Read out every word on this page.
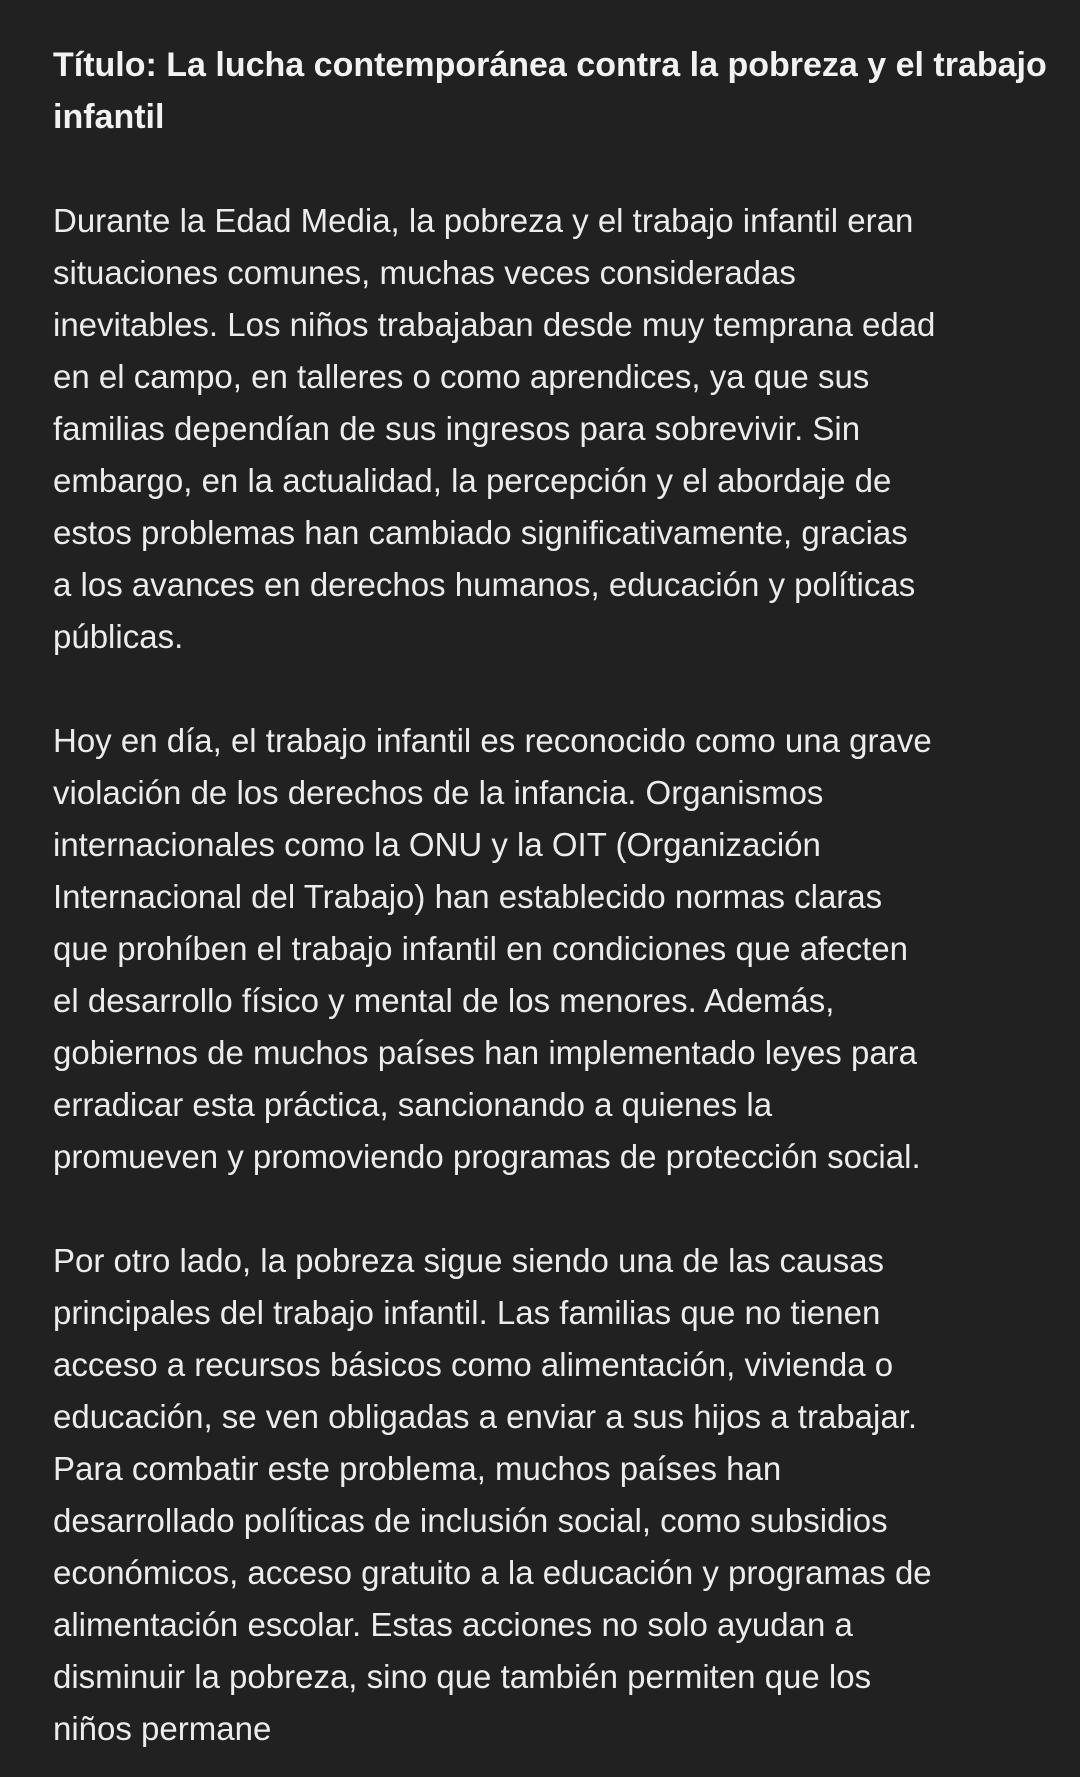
Título: La lucha contemporánea contra la pobreza y el trabajo infantil
Durante la Edad Media, la pobreza y el trabajo infantil eran
situaciones comunes, muchas veces consideradas
inevitables. Los niños trabajaban desde muy temprana edad
en el campo, en talleres o como aprendices, ya que sus
familias dependían de sus ingresos para sobrevivir. Sin
embargo, en la actualidad, la percepción y el abordaje de
estos problemas han cambiado significativamente, gracias
a los avances en derechos humanos, educación y políticas
públicas.
Hoy en día, el trabajo infantil es reconocido como una grave
violación de los derechos de la infancia. Organismos
internacionales como la ONU y la OIT (Organización
Internacional del Trabajo) han establecido normas claras
que prohíben el trabajo infantil en condiciones que afecten
el desarrollo físico y mental de los menores. Además,
gobiernos de muchos países han implementado leyes para
erradicar esta práctica, sancionando a quienes la
promueven y promoviendo programas de protección social.
Por otro lado, la pobreza sigue siendo una de las causas
principales del trabajo infantil. Las familias que no tienen
acceso a recursos básicos como alimentación, vivienda o
educación, se ven obligadas a enviar a sus hijos a trabajar.
Para combatir este problema, muchos países han
desarrollado políticas de inclusión social, como subsidios
económicos, acceso gratuito a la educación y programas de
alimentación escolar. Estas acciones no solo ayudan a
disminuir la pobreza, sino que también permiten que los
niños permane
